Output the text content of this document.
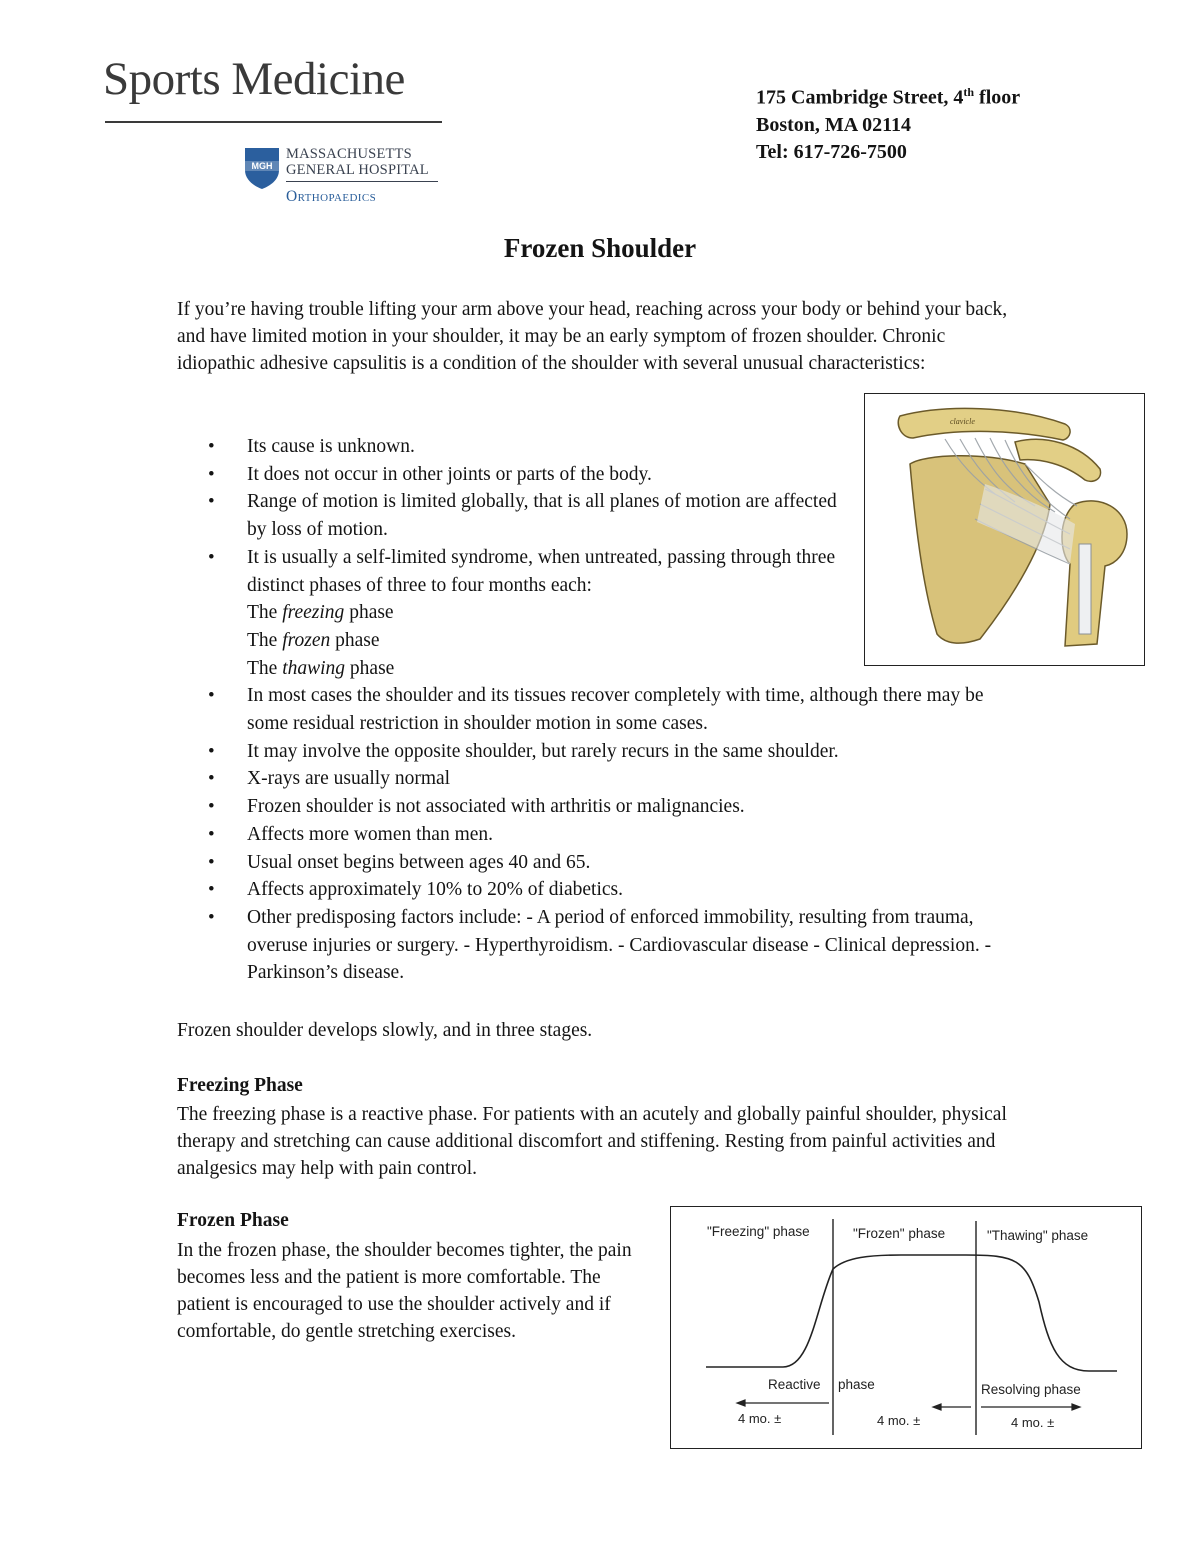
Sports Medicine
MGH
MASSACHUSETTS
GENERAL HOSPITAL
Orthopaedics
175 Cambridge Street, 4th floor
Boston, MA 02114
Tel: 617-726-7500
Frozen Shoulder
If you’re having trouble lifting your arm above your head, reaching across your body or behind your back, and have limited motion in your shoulder, it may be an early symptom of frozen shoulder. Chronic idiopathic adhesive capsulitis is a condition of the shoulder with several unusual characteristics:
clavicle
• Its cause is unknown.
• It does not occur in other joints or parts of the body.
• Range of motion is limited globally, that is all planes of motion are affected by loss of motion.
• It is usually a self-limited syndrome, when untreated, passing through three distinct phases of three to four months each:
The freezing phase
The frozen phase
The thawing phase
• In most cases the shoulder and its tissues recover completely with time, although there may be some residual restriction in shoulder motion in some cases.
• It may involve the opposite shoulder, but rarely recurs in the same shoulder.
• X-rays are usually normal
• Frozen shoulder is not associated with arthritis or malignancies.
• Affects more women than men.
• Usual onset begins between ages 40 and 65.
• Affects approximately 10% to 20% of diabetics.
• Other predisposing factors include: - A period of enforced immobility, resulting from trauma, overuse injuries or surgery. - Hyperthyroidism. - Cardiovascular disease - Clinical depression. - Parkinson’s disease.
Frozen shoulder develops slowly, and in three stages.
Freezing Phase
The freezing phase is a reactive phase. For patients with an acutely and globally painful shoulder, physical therapy and stretching can cause additional discomfort and stiffening. Resting from painful activities and analgesics may help with pain control.
Frozen Phase
In the frozen phase, the shoulder becomes tighter, the pain becomes less and the patient is more comfortable. The patient is encouraged to use the shoulder actively and if comfortable, do gentle stretching exercises.
"Freezing" phase	"Frozen" phase	"Thawing" phase
Reactive phase	Resolving phase
4 mo. ±	4 mo. ±	4 mo. ±
